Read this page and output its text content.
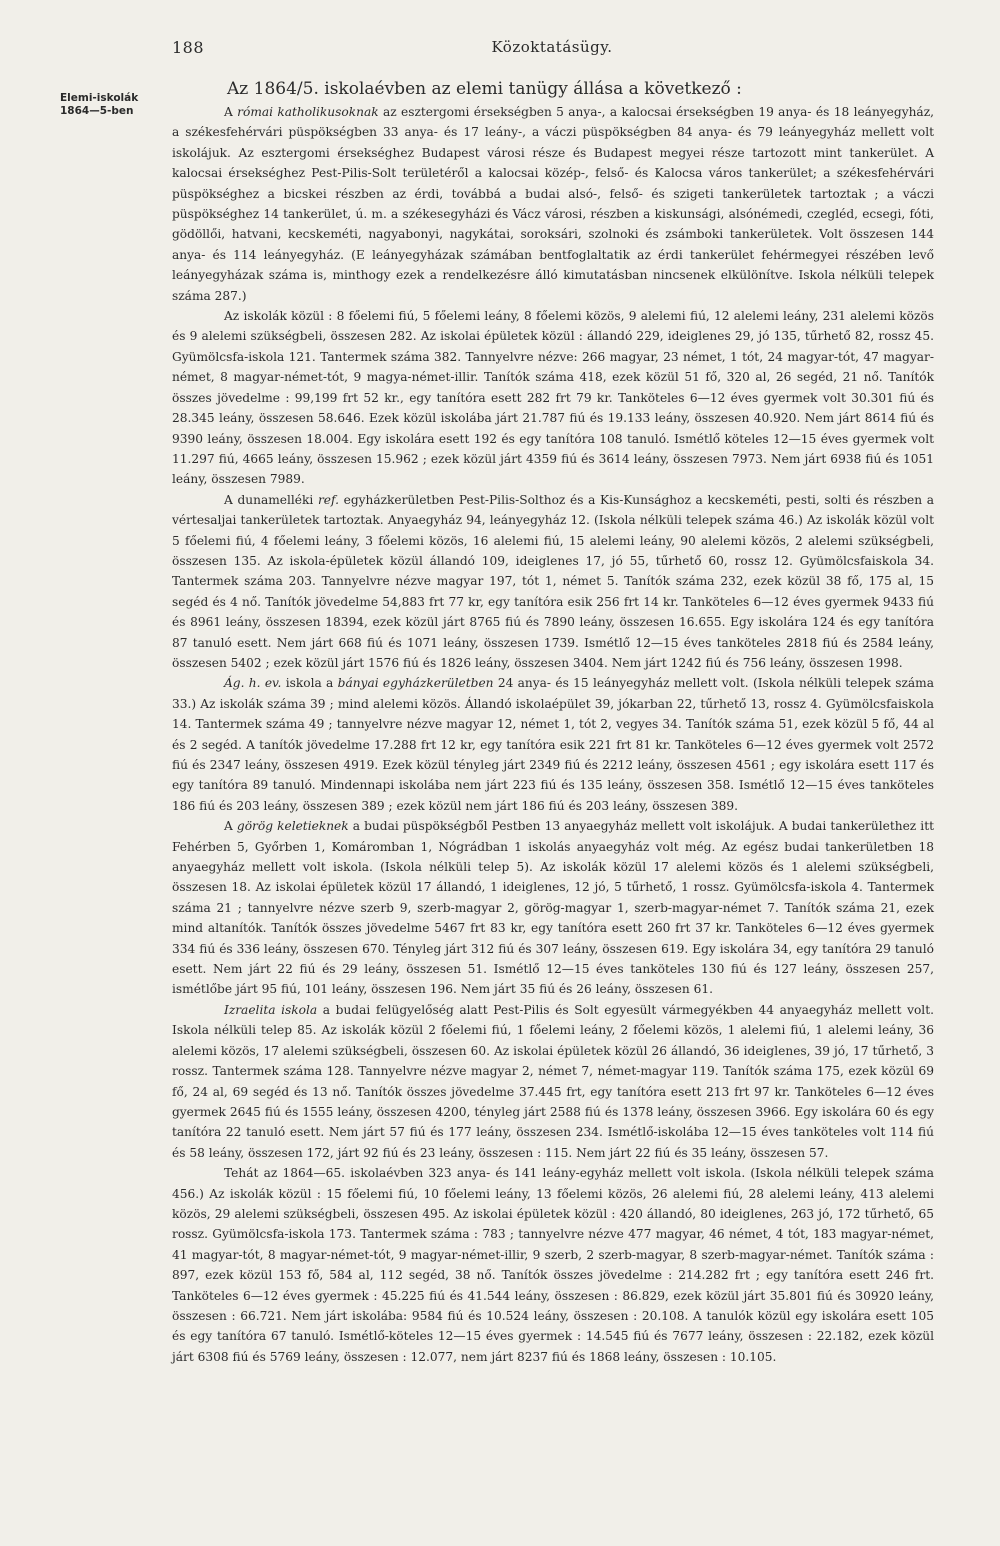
188	Közoktatásügy.
Elemi-iskolák
1864—5-ben
Az 1864/5. iskolaévben az elemi tanügy állása a következő :

A római katholikusoknak az esztergomi érsekségben 5 anya-, a kalocsai érsekségben 19 anya- és 18 leányegyház, a székesfehérvári püspökségben 33 anya- és 17 leány-, a váczi püspökségben 84 anya- és 79 leányegyház mellett volt iskolájuk. Az esztergomi érsekséghez Budapest városi része és Budapest megyei része tartozott mint tankerület. A kalocsai érsekséghez Pest-Pilis-Solt területéről a kalocsai közép-, felső- és Kalocsa város tankerület; a székesfehérvári püspökséghez a bicskei részben az érdi, továbbá a budai alsó-, felső- és szigeti tankerületek tartoztak ; a váczi püspökséghez 14 tankerület, ú. m. a székesegyházi és Vácz városi, részben a kiskunsági, alsónémedi, czegléd, ecsegi, fóti, gödöllői, hatvani, kecskeméti, nagyabonyi, nagykátai, soroksári, szolnoki és zsámboki tankerületek. Volt összesen 144 anya- és 114 leányegyház. (E leányegyházak számában bentfoglaltatik az érdi tankerület fehérmegyei részében levő leányegyházak száma is, minthogy ezek a rendelkezésre álló kimutatásban nincsenek elkülönítve. Iskola nélküli telepek száma 287.)

Az iskolák közül : 8 főelemi fiú, 5 főelemi leány, 8 főelemi közös, 9 alelemi fiú, 12 alelemi leány, 231 alelemi közös és 9 alelemi szükségbeli, összesen 282. Az iskolai épületek közül : állandó 229, ideiglenes 29, jó 135, tűrhető 82, rossz 45. Gyümölcsfa-iskola 121. Tantermek száma 382. Tannyelvre nézve: 266 magyar, 23 német, 1 tót, 24 magyar-tót, 47 magyar-német, 8 magyar-német-tót, 9 magya-német-illir. Tanítók száma 418, ezek közül 51 fő, 320 al, 26 segéd, 21 nő. Tanítók összes jövedelme : 99,199 frt 52 kr., egy tanítóra esett 282 frt 79 kr. Tanköteles 6—12 éves gyermek volt 30.301 fiú és 28.345 leány, összesen 58.646. Ezek közül iskolába járt 21.787 fiú és 19.133 leány, összesen 40.920. Nem járt 8614 fiú és 9390 leány, összesen 18.004. Egy iskolára esett 192 és egy tanítóra 108 tanuló. Ismétlő köteles 12—15 éves gyermek volt 11.297 fiú, 4665 leány, összesen 15.962 ; ezek közül járt 4359 fiú és 3614 leány, összesen 7973. Nem járt 6938 fiú és 1051 leány, összesen 7989.

A dunamelléki ref. egyházkerületben Pest-Pilis-Solthoz és a Kis-Kunsághoz a kecskeméti, pesti, solti és részben a vértesaljai tankerületek tartoztak. Anyaegyház 94, leányegyház 12. (Iskola nélküli telepek száma 46.) Az iskolák közül volt 5 főelemi fiú, 4 főelemi leány, 3 főelemi közös, 16 alelemi fiú, 15 alelemi leány, 90 alelemi közös, 2 alelemi szükségbeli, összesen 135. Az iskola-épületek közül állandó 109, ideiglenes 17, jó 55, tűrhető 60, rossz 12. Gyümölcsfaiskola 34. Tantermek száma 203. Tannyelvre nézve magyar 197, tót 1, német 5. Tanítók száma 232, ezek közül 38 fő, 175 al, 15 segéd és 4 nő. Tanítók jövedelme 54,883 frt 77 kr, egy tanítóra esik 256 frt 14 kr. Tanköteles 6—12 éves gyermek 9433 fiú és 8961 leány, összesen 18394, ezek közül járt 8765 fiú és 7890 leány, összesen 16.655. Egy iskolára 124 és egy tanítóra 87 tanuló esett. Nem járt 668 fiú és 1071 leány, összesen 1739. Ismétlő 12—15 éves tanköteles 2818 fiú és 2584 leány, összesen 5402 ; ezek közül járt 1576 fiú és 1826 leány, összesen 3404. Nem járt 1242 fiú és 756 leány, összesen 1998.

Ág. h. ev. iskola a bányai egyházkerületben 24 anya- és 15 leányegyház mellett volt. (Iskola nélküli telepek száma 33.) Az iskolák száma 39 ; mind alelemi közös. Állandó iskolaépület 39, jókarban 22, tűrhető 13, rossz 4. Gyümölcsfaiskola 14. Tantermek száma 49 ; tannyelvre nézve magyar 12, német 1, tót 2, vegyes 34. Tanítók száma 51, ezek közül 5 fő, 44 al és 2 segéd. A tanítók jövedelme 17.288 frt 12 kr, egy tanítóra esik 221 frt 81 kr. Tanköteles 6—12 éves gyermek volt 2572 fiú és 2347 leány, összesen 4919. Ezek közül tényleg járt 2349 fiú és 2212 leány, összesen 4561 ; egy iskolára esett 117 és egy tanítóra 89 tanuló. Mindennapi iskolába nem járt 223 fiú és 135 leány, összesen 358. Ismétlő 12—15 éves tanköteles 186 fiú és 203 leány, összesen 389 ; ezek közül nem járt 186 fiú és 203 leány, összesen 389.

A görög keletieknek a budai püspökségből Pestben 13 anyaegyház mellett volt iskolájuk. A budai tankerülethez itt Fehérben 5, Győrben 1, Komáromban 1, Nógrádban 1 iskolás anyaegyház volt még. Az egész budai tankerületben 18 anyaegyház mellett volt iskola. (Iskola nélküli telep 5). Az iskolák közül 17 alelemi közös és 1 alelemi szükségbeli, összesen 18. Az iskolai épületek közül 17 állandó, 1 ideiglenes, 12 jó, 5 tűrhető, 1 rossz. Gyümölcsfa-iskola 4. Tantermek száma 21 ; tannyelvre nézve szerb 9, szerb-magyar 2, görög-magyar 1, szerb-magyar-német 7. Tanítók száma 21, ezek mind altanítók. Tanítók összes jövedelme 5467 frt 83 kr, egy tanítóra esett 260 frt 37 kr. Tanköteles 6—12 éves gyermek 334 fiú és 336 leány, összesen 670. Tényleg járt 312 fiú és 307 leány, összesen 619. Egy iskolára 34, egy tanítóra 29 tanuló esett. Nem járt 22 fiú és 29 leány, összesen 51. Ismétlő 12—15 éves tanköteles 130 fiú és 127 leány, összesen 257, ismétlőbe járt 95 fiú, 101 leány, összesen 196. Nem járt 35 fiú és 26 leány, összesen 61.

Izraelita iskola a budai felügyelőség alatt Pest-Pilis és Solt egyesült vármegyékben 44 anyaegyház mellett volt. Iskola nélküli telep 85. Az iskolák közül 2 főelemi fiú, 1 főelemi leány, 2 főelemi közös, 1 alelemi fiú, 1 alelemi leány, 36 alelemi közös, 17 alelemi szükségbeli, összesen 60. Az iskolai épületek közül 26 állandó, 36 ideiglenes, 39 jó, 17 tűrhető, 3 rossz. Tantermek száma 128. Tannyelvre nézve magyar 2, német 7, német-magyar 119. Tanítók száma 175, ezek közül 69 fő, 24 al, 69 segéd és 13 nő. Tanítók összes jövedelme 37.445 frt, egy tanítóra esett 213 frt 97 kr. Tanköteles 6—12 éves gyermek 2645 fiú és 1555 leány, összesen 4200, tényleg járt 2588 fiú és 1378 leány, összesen 3966. Egy iskolára 60 és egy tanítóra 22 tanuló esett. Nem járt 57 fiú és 177 leány, összesen 234. Ismétlő-iskolába 12—15 éves tanköteles volt 114 fiú és 58 leány, összesen 172, járt 92 fiú és 23 leány, összesen : 115. Nem járt 22 fiú és 35 leány, összesen 57.

Tehát az 1864—65. iskolaévben 323 anya- és 141 leány-egyház mellett volt iskola. (Iskola nélküli telepek száma 456.) Az iskolák közül : 15 főelemi fiú, 10 főelemi leány, 13 főelemi közös, 26 alelemi fiú, 28 alelemi leány, 413 alelemi közös, 29 alelemi szükségbeli, összesen 495. Az iskolai épületek közül : 420 állandó, 80 ideiglenes, 263 jó, 172 tűrhető, 65 rossz. Gyümölcsfa-iskola 173. Tantermek száma : 783 ; tannyelvre nézve 477 magyar, 46 német, 4 tót, 183 magyar-német, 41 magyar-tót, 8 magyar-német-tót, 9 magyar-német-illir, 9 szerb, 2 szerb-magyar, 8 szerb-magyar-német. Tanítók száma : 897, ezek közül 153 fő, 584 al, 112 segéd, 38 nő. Tanítók összes jövedelme : 214.282 frt ; egy tanítóra esett 246 frt. Tanköteles 6—12 éves gyermek : 45.225 fiú és 41.544 leány, összesen : 86.829, ezek közül járt 35.801 fiú és 30920 leány, összesen : 66.721. Nem járt iskolába: 9584 fiú és 10.524 leány, összesen : 20.108. A tanulók közül egy iskolára esett 105 és egy tanítóra 67 tanuló. Ismétlő-köteles 12—15 éves gyermek : 14.545 fiú és 7677 leány, összesen : 22.182, ezek közül járt 6308 fiú és 5769 leány, összesen : 12.077, nem járt 8237 fiú és 1868 leány, összesen : 10.105.
